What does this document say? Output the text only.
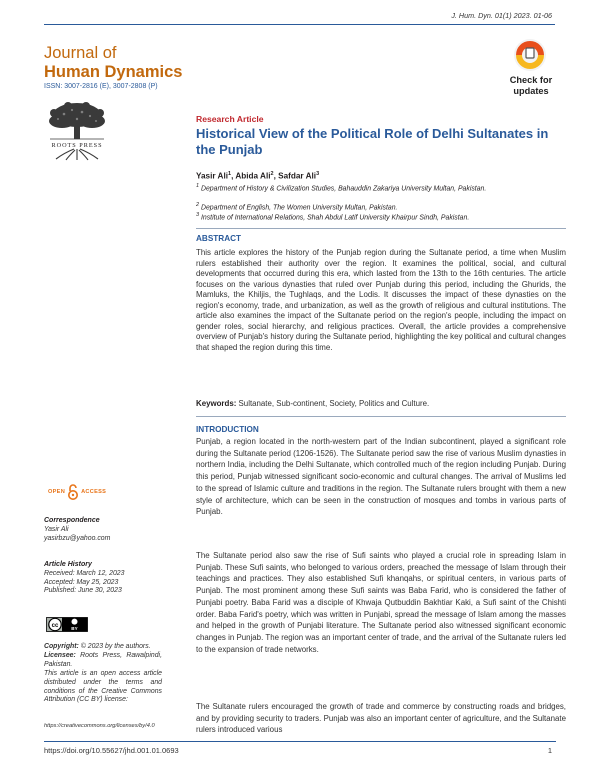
J. Hum. Dyn. 01(1) 2023. 01-06
Journal of
Human Dynamics
ISSN: 3007-2816 (E), 3007-2808 (P)
ROOTS PRESS
Check for
updates
Research Article
Historical View of the Political Role of Delhi Sultanates in the Punjab
Yasir Ali$^1$, Abida Ali$^2$, Safdar Ali$^3$
$^1$ Department of History & Civilization Studies, Bahauddin Zakariya University Multan, Pakistan.
$^2$ Department of English, The Women University Multan, Pakistan.
$^3$ Institute of International Relations, Shah Abdul Latif University Khairpur Sindh, Pakistan.
ABSTRACT
This article explores the history of the Punjab region during the Sultanate period, a time when Muslim rulers established their authority over the region. It examines the political, social, and cultural developments that occurred during this era, which lasted from the 13th to the 16th centuries. The article focuses on the various dynasties that ruled over Punjab during this period, including the Ghurids, the Mamluks, the Khiljis, the Tughlaqs, and the Lodis. It discusses the impact of these dynasties on the region's economy, trade, and urbanization, as well as the growth of religious and cultural institutions. The article also examines the impact of the Sultanate period on the region's people, including the impact on gender roles, social hierarchy, and religious practices. Overall, the article provides a comprehensive overview of Punjab's history during the Sultanate period, highlighting the key political and cultural changes that shaped the region during this time.
Keywords: Sultanate, Sub-continent, Society, Politics and Culture.
INTRODUCTION
Punjab, a region located in the north-western part of the Indian subcontinent, played a significant role during the Sultanate period (1206-1526). The Sultanate period saw the rise of various Muslim dynasties in northern India, including the Delhi Sultanate, which controlled much of the region including Punjab. During this period, Punjab witnessed significant socio-economic and cultural changes. The arrival of Muslims led to the spread of Islamic culture and traditions in the region. The Sultanate rulers brought with them a new style of architecture, which can be seen in the construction of mosques and tombs in various parts of Punjab.
The Sultanate period also saw the rise of Sufi saints who played a crucial role in spreading Islam in Punjab. These Sufi saints, who belonged to various orders, preached the message of Islam through their teachings and practices. They also established Sufi khanqahs, or spiritual centers, in various parts of Punjab. The most prominent among these Sufi saints was Baba Farid, who is considered the father of Punjabi poetry. Baba Farid was a disciple of Khwaja Qutbuddin Bakhtiar Kaki, a Sufi saint of the Chishti order. Baba Farid's poetry, which was written in Punjabi, spread the message of Islam among the masses and helped in the growth of Punjabi literature. The Sultanate period also witnessed significant economic changes in Punjab. The region was an important center of trade, and the arrival of the Sultanate rulers led to the expansion of trade networks.
The Sultanate rulers encouraged the growth of trade and commerce by constructing roads and bridges, and by providing security to traders. Punjab was also an important center of agriculture, and the Sultanate rulers introduced various
OPEN	ACCESS
Correspondence
Yasir Ali
yasirbzu@yahoo.com
Article History
Received: March 12, 2023
Accepted: May 25, 2023
Published: June 30, 2023
cc	BY
Copyright: © 2023 by the authors.
Licensee: Roots Press, Rawalpindi, Pakistan.
This article is an open access article distributed under the terms and conditions of the Creative Commons Attribution (CC BY) license:
https://creativecommons.org/licenses/by/4.0
https://doi.org/10.55627/jhd.001.01.0693	1
